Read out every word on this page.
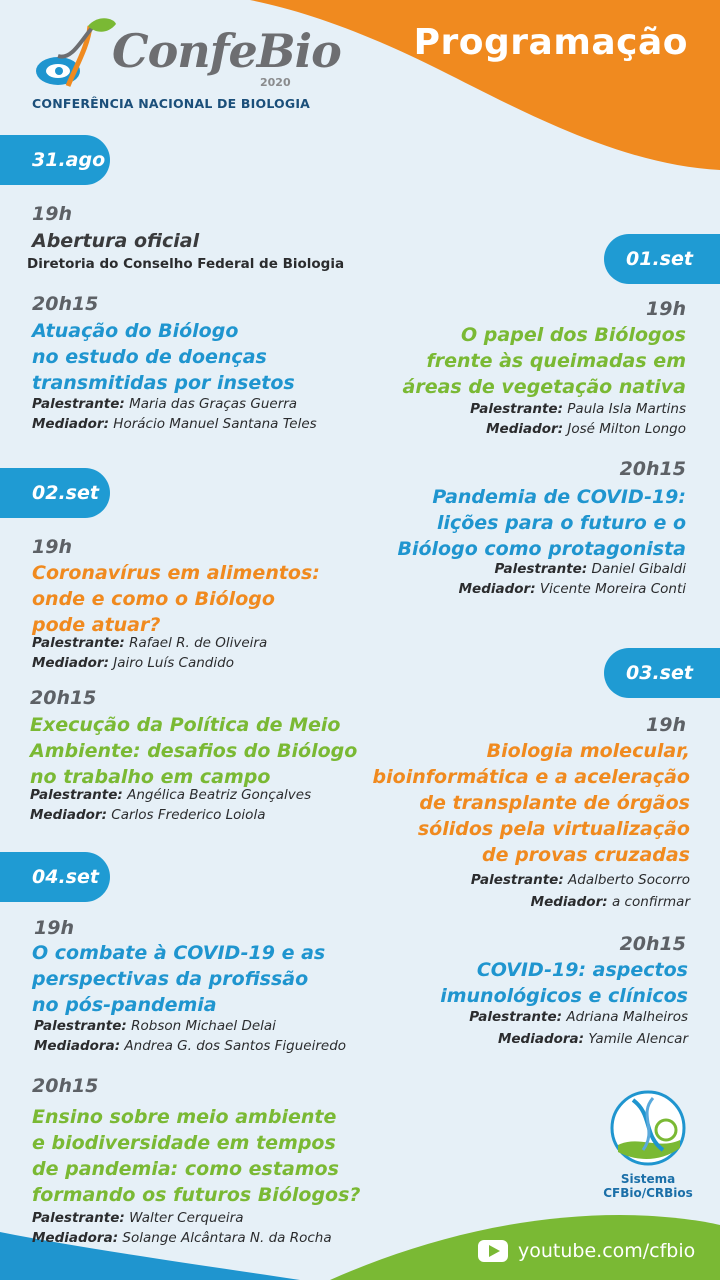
ConfeBio
2020
CONFERÊNCIA NACIONAL DE BIOLOGIA
Programação
31.ago
19h
Abertura oficial
Diretoria do Conselho Federal de Biologia
20h15
Atuação do Biólogo
no estudo de doenças
transmitidas por insetos
Palestrante: Maria das Graças Guerra
Mediador: Horácio Manuel Santana Teles
02.set
19h
Coronavírus em alimentos:
onde e como o Biólogo
pode atuar?
Palestrante: Rafael R. de Oliveira
Mediador: Jairo Luís Candido
20h15
Execução da Política de Meio
Ambiente: desafios do Biólogo
no trabalho em campo
Palestrante: Angélica Beatriz Gonçalves
Mediador: Carlos Frederico Loiola
04.set
19h
O combate à COVID-19 e as
perspectivas da profissão
no pós-pandemia
Palestrante: Robson Michael Delai
Mediadora: Andrea G. dos Santos Figueiredo
20h15
Ensino sobre meio ambiente
e biodiversidade em tempos
de pandemia: como estamos
formando os futuros Biólogos?
Palestrante: Walter Cerqueira
Mediadora: Solange Alcântara N. da Rocha
01.set
19h
O papel dos Biólogos
frente às queimadas em
áreas de vegetação nativa
Palestrante: Paula Isla Martins
Mediador: José Milton Longo
20h15
Pandemia de COVID-19:
lições para o futuro e o
Biólogo como protagonista
Palestrante: Daniel Gibaldi
Mediador: Vicente Moreira Conti
03.set
19h
Biologia molecular,
bioinformática e a aceleração
de transplante de órgãos
sólidos pela virtualização
de provas cruzadas
Palestrante: Adalberto Socorro
Mediador: a confirmar
20h15
COVID-19: aspectos
imunológicos e clínicos
Palestrante: Adriana Malheiros
Mediadora: Yamile Alencar
Sistema
CFBio/CRBios
youtube.com/cfbio
